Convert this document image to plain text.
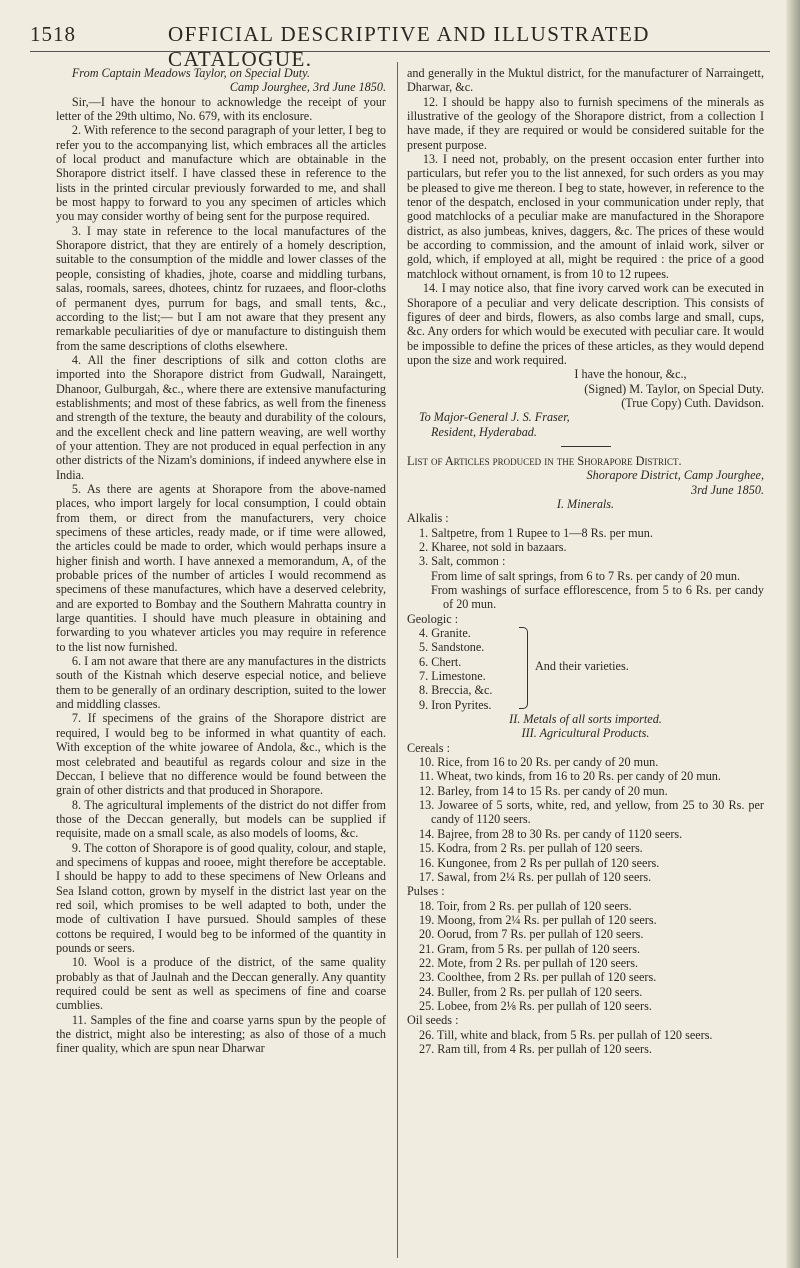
1518	OFFICIAL DESCRIPTIVE AND ILLUSTRATED CATALOGUE.

From Captain Meadows Taylor, on Special Duty.

Camp Jourghee, 3rd June 1850.

Sir,—I have the honour to acknowledge the receipt of your letter of the 29th ultimo, No. 679, with its enclosure.

2. With reference to the second paragraph of your letter, I beg to refer you to the accompanying list, which embraces all the articles of local product and manufacture which are obtainable in the Shorapore district itself. I have classed these in reference to the lists in the printed circular previously forwarded to me, and shall be most happy to forward to you any specimen of articles which you may consider worthy of being sent for the purpose required.

3. I may state in reference to the local manufactures of the Shorapore district, that they are entirely of a homely description, suitable to the consumption of the middle and lower classes of the people, consisting of khadies, jhote, coarse and middling turbans, salas, roomals, sarees, dhotees, chintz for ruzaees, and floor-cloths of permanent dyes, purrum for bags, and small tents, &c., according to the list;— but I am not aware that they present any remarkable peculiarities of dye or manufacture to distinguish them from the same descriptions of cloths elsewhere.

4. All the finer descriptions of silk and cotton cloths are imported into the Shorapore district from Gudwall, Naraingett, Dhanoor, Gulburgah, &c., where there are extensive manufacturing establishments; and most of these fabrics, as well from the fineness and strength of the texture, the beauty and durability of the colours, and the excellent check and line pattern weaving, are well worthy of your attention. They are not produced in equal perfection in any other districts of the Nizam's dominions, if indeed anywhere else in India.

5. As there are agents at Shorapore from the above-named places, who import largely for local consumption, I could obtain from them, or direct from the manufacturers, very choice specimens of these articles, ready made, or if time were allowed, the articles could be made to order, which would perhaps insure a higher finish and worth. I have annexed a memorandum, A, of the probable prices of the number of articles I would recommend as specimens of these manufactures, which have a deserved celebrity, and are exported to Bombay and the Southern Mahratta country in large quantities. I should have much pleasure in obtaining and forwarding to you whatever articles you may require in reference to the list now furnished.

6. I am not aware that there are any manufactures in the districts south of the Kistnah which deserve especial notice, and believe them to be generally of an ordinary description, suited to the lower and middling classes.

7. If specimens of the grains of the Shorapore district are required, I would beg to be informed in what quantity of each. With exception of the white jowaree of Andola, &c., which is the most celebrated and beautiful as regards colour and size in the Deccan, I believe that no difference would be found between the grain of other districts and that produced in Shorapore.

8. The agricultural implements of the district do not differ from those of the Deccan generally, but models can be supplied if requisite, made on a small scale, as also models of looms, &c.

9. The cotton of Shorapore is of good quality, colour, and staple, and specimens of kuppas and rooee, might therefore be acceptable. I should be happy to add to these specimens of New Orleans and Sea Island cotton, grown by myself in the district last year on the red soil, which promises to be well adapted to both, under the mode of cultivation I have pursued. Should samples of these cottons be required, I would beg to be informed of the quantity in pounds or seers.

10. Wool is a produce of the district, of the same quality probably as that of Jaulnah and the Deccan generally. Any quantity required could be sent as well as specimens of fine and coarse cumblies.

11. Samples of the fine and coarse yarns spun by the people of the district, might also be interesting; as also of those of a much finer quality, which are spun near Dharwar

and generally in the Muktul district, for the manufacturer of Narraingett, Dharwar, &c.

12. I should be happy also to furnish specimens of the minerals as illustrative of the geology of the Shorapore district, from a collection I have made, if they are required or would be considered suitable for the present purpose.

13. I need not, probably, on the present occasion enter further into particulars, but refer you to the list annexed, for such orders as you may be pleased to give me thereon. I beg to state, however, in reference to the tenor of the despatch, enclosed in your communication under reply, that good matchlocks of a peculiar make are manufactured in the Shorapore district, as also jumbeas, knives, daggers, &c. The prices of these would be according to commission, and the amount of inlaid work, silver or gold, which, if employed at all, might be required : the price of a good matchlock without ornament, is from 10 to 12 rupees.

14. I may notice also, that fine ivory carved work can be executed in Shorapore of a peculiar and very delicate description. This consists of figures of deer and birds, flowers, as also combs large and small, cups, &c. Any orders for which would be executed with peculiar care. It would be impossible to define the prices of these articles, as they would depend upon the size and work required.

I have the honour, &c.,

(Signed) M. Taylor, on Special Duty.

(True Copy) Cuth. Davidson.

To Major-General J. S. Fraser,

Resident, Hyderabad.

List of Articles produced in the Shorapore District.

Shorapore District, Camp Jourghee,

3rd June 1850.

I. Minerals.

Alkalis :

1. Saltpetre, from 1 Rupee to 1—8 Rs. per mun.

2. Kharee, not sold in bazaars.

3. Salt, common :

From lime of salt springs, from 6 to 7 Rs. per candy of 20 mun.

From washings of surface efflorescence, from 5 to 6 Rs. per candy of 20 mun.

Geologic :

4. Granite.
5. Sandstone.
6. Chert.
7. Limestone.
8. Breccia, &c.
9. Iron Pyrites.
And their varieties.

II. Metals of all sorts imported.

III. Agricultural Products.

Cereals :

10. Rice, from 16 to 20 Rs. per candy of 20 mun.

11. Wheat, two kinds, from 16 to 20 Rs. per candy of 20 mun.

12. Barley, from 14 to 15 Rs. per candy of 20 mun.

13. Jowaree of 5 sorts, white, red, and yellow, from 25 to 30 Rs. per candy of 1120 seers.

14. Bajree, from 28 to 30 Rs. per candy of 1120 seers.

15. Kodra, from 2 Rs. per pullah of 120 seers.

16. Kungonee, from 2 Rs per pullah of 120 seers.

17. Sawal, from 2¼ Rs. per pullah of 120 seers.

Pulses :

18. Toir, from 2 Rs. per pullah of 120 seers.

19. Moong, from 2¼ Rs. per pullah of 120 seers.

20. Oorud, from 7 Rs. per pullah of 120 seers.

21. Gram, from 5 Rs. per pullah of 120 seers.

22. Mote, from 2 Rs. per pullah of 120 seers.

23. Coolthee, from 2 Rs. per pullah of 120 seers.

24. Buller, from 2 Rs. per pullah of 120 seers.

25. Lobee, from 2⅛ Rs. per pullah of 120 seers.

Oil seeds :

26. Till, white and black, from 5 Rs. per pullah of 120 seers.

27. Ram till, from 4 Rs. per pullah of 120 seers.
